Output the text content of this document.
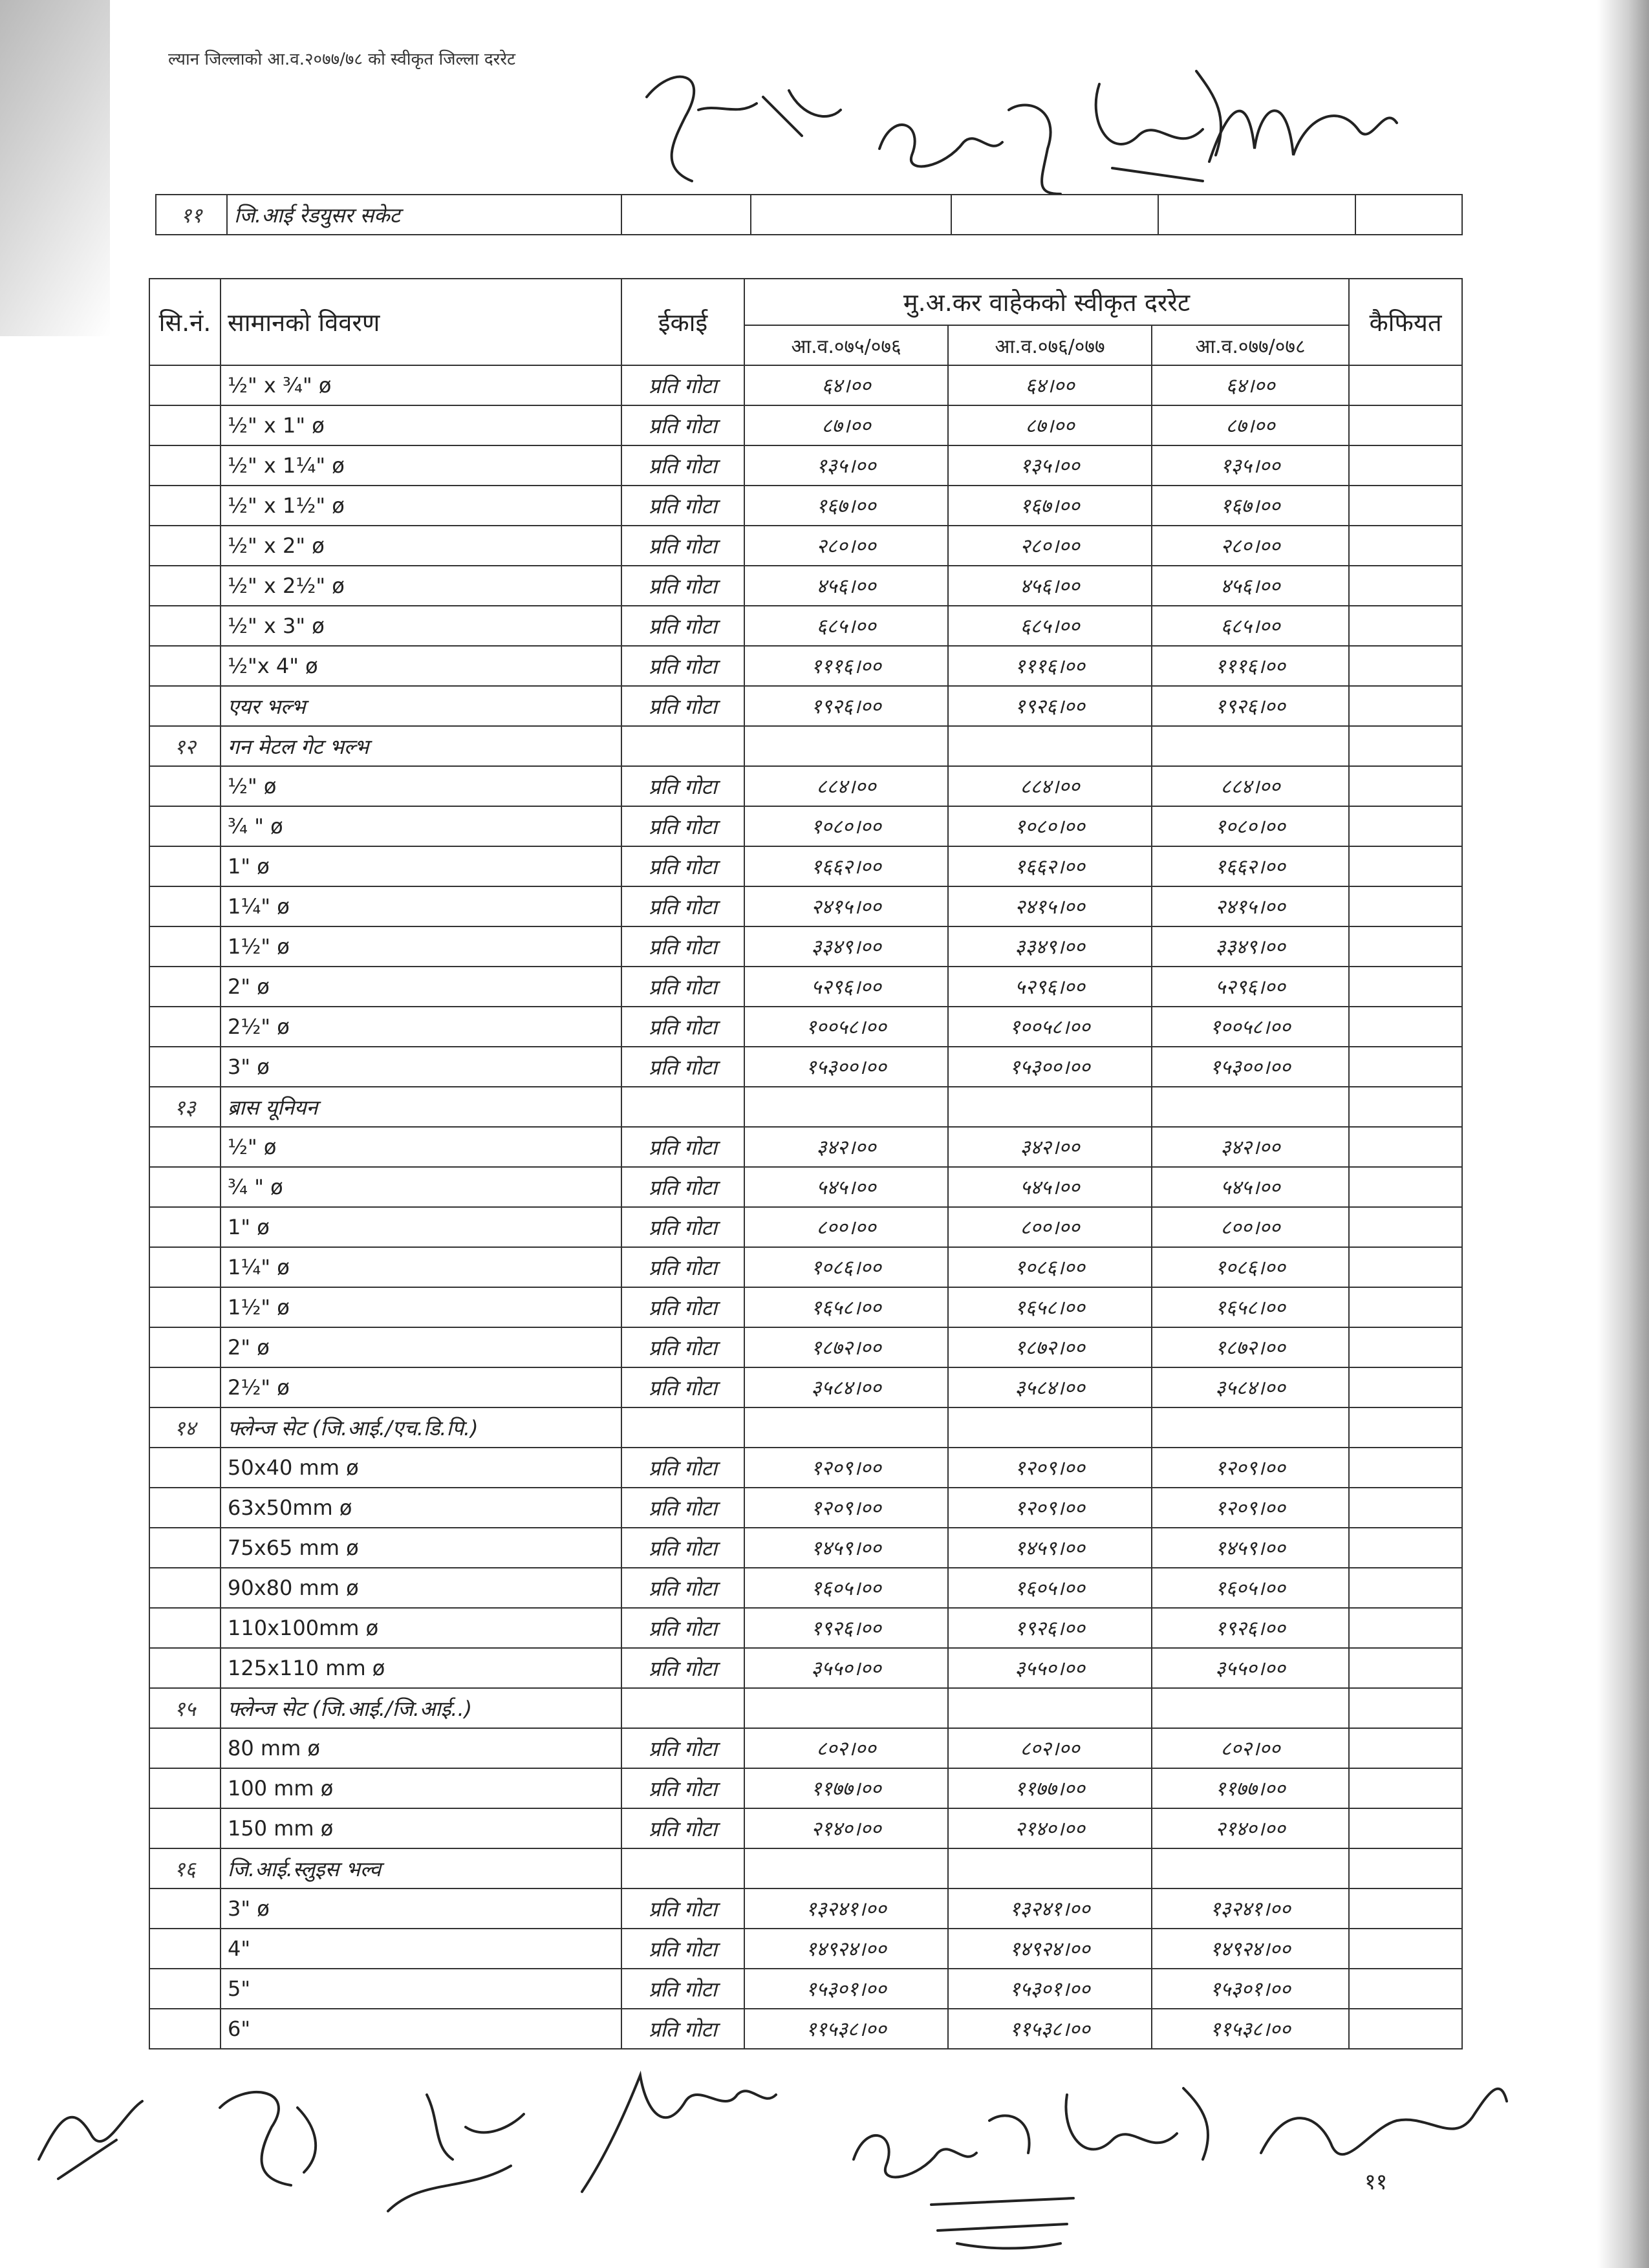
ल्यान जिल्लाको आ.व.२०७७/७८ को स्वीकृत जिल्ला दररेट
११	जि.आई रेडयुसर सकेट					
सि.नं.	सामानको विवरण	ईकाई	मु.अ.कर वाहेकको स्वीकृत दररेट			कैफियत
			आ.व.०७५/०७६	आ.व.०७६/०७७	आ.व.०७७/०७८	
	½" x ¾" ø	प्रति गोटा	६४।००	६४।००	६४।००	
	½" x 1" ø	प्रति गोटा	८७।००	८७।००	८७।००	
	½" x 1¼" ø	प्रति गोटा	१३५।००	१३५।००	१३५।००	
	½" x 1½" ø	प्रति गोटा	१६७।००	१६७।००	१६७।००	
	½" x 2" ø	प्रति गोटा	२८०।००	२८०।००	२८०।००	
	½" x 2½" ø	प्रति गोटा	४५६।००	४५६।००	४५६।००	
	½" x 3" ø	प्रति गोटा	६८५।००	६८५।००	६८५।००	
	½"x 4" ø	प्रति गोटा	१११६।००	१११६।००	१११६।००	
	एयर भल्भ	प्रति गोटा	१९२६।००	१९२६।००	१९२६।००	
१२	गन मेटल गेट भल्भ					
	½" ø	प्रति गोटा	८८४।००	८८४।००	८८४।००	
	¾ " ø	प्रति गोटा	१०८०।००	१०८०।००	१०८०।००	
	1" ø	प्रति गोटा	१६६२।००	१६६२।००	१६६२।००	
	1¼" ø	प्रति गोटा	२४१५।००	२४१५।००	२४१५।००	
	1½" ø	प्रति गोटा	३३४९।००	३३४९।००	३३४९।००	
	2" ø	प्रति गोटा	५२९६।००	५२९६।००	५२९६।००	
	2½" ø	प्रति गोटा	१००५८।००	१००५८।००	१००५८।००	
	3" ø	प्रति गोटा	१५३००।००	१५३००।००	१५३००।००	
१३	ब्रास यूनियन					
	½" ø	प्रति गोटा	३४२।००	३४२।००	३४२।००	
	¾ " ø	प्रति गोटा	५४५।००	५४५।००	५४५।००	
	1" ø	प्रति गोटा	८००।००	८००।००	८००।००	
	1¼" ø	प्रति गोटा	१०८६।००	१०८६।००	१०८६।००	
	1½" ø	प्रति गोटा	१६५८।००	१६५८।००	१६५८।००	
	2" ø	प्रति गोटा	१८७२।००	१८७२।००	१८७२।००	
	2½" ø	प्रति गोटा	३५८४।००	३५८४।००	३५८४।००	
१४	फ्लेन्ज सेट (जि.आई./एच.डि.पि.)					
	50x40 mm ø	प्रति गोटा	१२०९।००	१२०९।००	१२०९।००	
	63x50mm ø	प्रति गोटा	१२०९।००	१२०९।००	१२०९।००	
	75x65 mm ø	प्रति गोटा	१४५९।००	१४५९।००	१४५९।००	
	90x80 mm ø	प्रति गोटा	१६०५।००	१६०५।००	१६०५।००	
	110x100mm ø	प्रति गोटा	१९२६।००	१९२६।००	१९२६।००	
	125x110 mm ø	प्रति गोटा	३५५०।००	३५५०।००	३५५०।००	
१५	फ्लेन्ज सेट (जि.आई./जि.आई..)					
	80 mm ø	प्रति गोटा	८०२।००	८०२।००	८०२।००	
	100 mm ø	प्रति गोटा	११७७।००	११७७।००	११७७।००	
	150 mm ø	प्रति गोटा	२१४०।००	२१४०।००	२१४०।००	
१६	जि.आई.स्लुइस भल्व					
	3" ø	प्रति गोटा	१३२४१।००	१३२४१।००	१३२४१।००	
	4"	प्रति गोटा	१४९२४।००	१४९२४।००	१४९२४।००	
	5"	प्रति गोटा	१५३०१।००	१५३०१।००	१५३०१।००	
	6"	प्रति गोटा	११५३८।००	११५३८।००	११५३८।००	
११
